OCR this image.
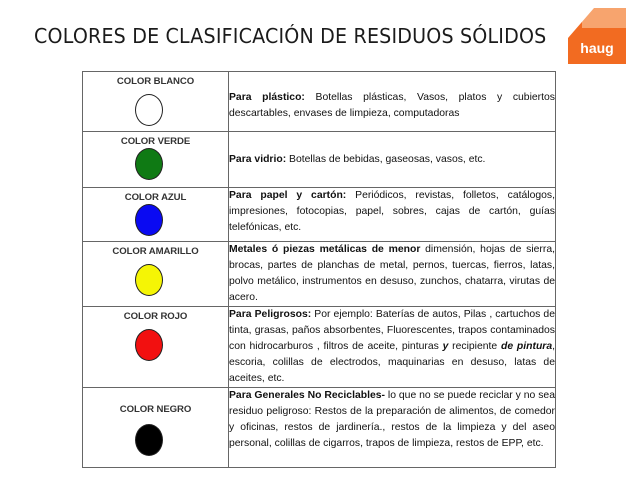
COLORES DE CLASIFICACIÓN DE RESIDUOS SÓLIDOS	haug
COLOR BLANCO	Para plástico: Botellas plásticas, Vasos, platos y cubiertos descartables, envases de limpieza, computadoras

COLOR VERDE	Para vidrio: Botellas de bebidas, gaseosas, vasos, etc.

COLOR AZUL	Para papel y cartón: Periódicos, revistas, folletos, catálogos, impresiones, fotocopias, papel, sobres, cajas de cartón, guías telefónicas, etc.

COLOR AMARILLO	Metales ó piezas metálicas de menor dimensión, hojas de sierra, brocas, partes de planchas de metal, pernos, tuercas, fierros, latas, polvo metálico, instrumentos en desuso, zunchos, chatarra, virutas de acero.

COLOR ROJO	Para Peligrosos: Por ejemplo: Baterías de autos, Pilas , cartuchos de tinta, grasas, paños absorbentes, Fluorescentes, trapos contaminados con hidrocarburos , filtros de aceite, pinturas y recipiente de pintura, escoria, colillas de electrodos, maquinarias en desuso, latas de aceites, etc.

COLOR NEGRO	Para Generales No Reciclables- lo que no se puede reciclar y no sea residuo peligroso: Restos de la preparación de alimentos, de comedor y oficinas, restos de jardinería., restos de la limpieza y del aseo personal, colillas de cigarros, trapos de limpieza, restos de EPP, etc.
